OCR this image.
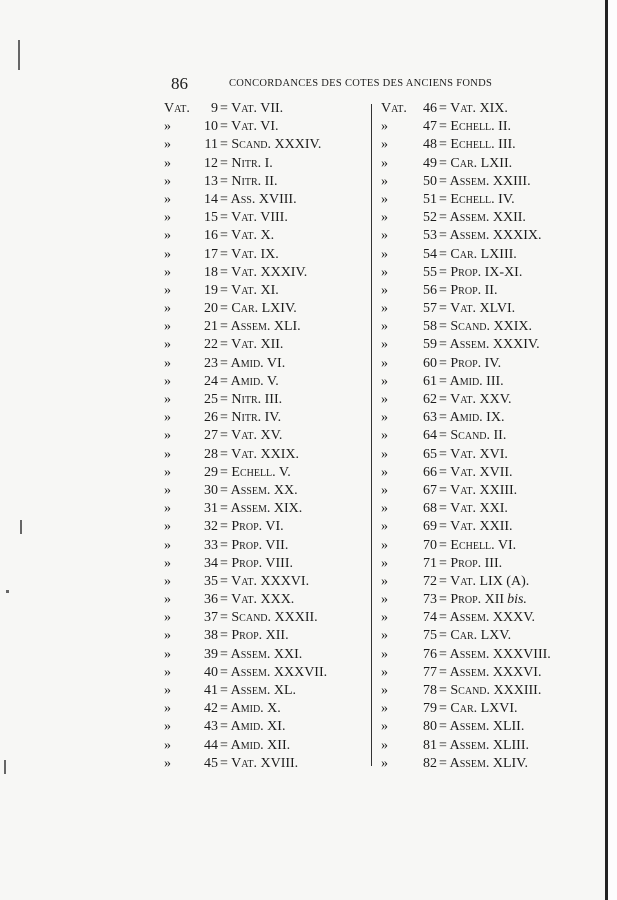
86	CONCORDANCES DES COTES DES ANCIENS FONDS
Vat. 9 = Vat. VII.
» 10 = Vat. VI.
» 11 = Scand. XXXIV.
» 12 = Nitr. I.
» 13 = Nitr. II.
» 14 = Ass. XVIII.
» 15 = Vat. VIII.
» 16 = Vat. X.
» 17 = Vat. IX.
» 18 = Vat. XXXIV.
» 19 = Vat. XI.
» 20 = Car. LXIV.
» 21 = Assem. XLI.
» 22 = Vat. XII.
» 23 = Amid. VI.
» 24 = Amid. V.
» 25 = Nitr. III.
» 26 = Nitr. IV.
» 27 = Vat. XV.
» 28 = Vat. XXIX.
» 29 = Echell. V.
» 30 = Assem. XX.
» 31 = Assem. XIX.
» 32 = Prop. VI.
» 33 = Prop. VII.
» 34 = Prop. VIII.
» 35 = Vat. XXXVI.
» 36 = Vat. XXX.
» 37 = Scand. XXXII.
» 38 = Prop. XII.
» 39 = Assem. XXI.
» 40 = Assem. XXXVII.
» 41 = Assem. XL.
» 42 = Amid. X.
» 43 = Amid. XI.
» 44 = Amid. XII.
» 45 = Vat. XVIII.
Vat. 46 = Vat. XIX.
»	47 = Echell. II.
»	48 = Echell. III.
»	49 = Car. LXII.
»	50 = Assem. XXIII.
»	51 = Echell. IV.
»	52 = Assem. XXII.
»	53 = Assem. XXXIX.
»	54 = Car. LXIII.
»	55 = Prop. IX-XI.
»	56 = Prop. II.
»	57 = Vat. XLVI.
»	58 = Scand. XXIX.
»	59 = Assem. XXXIV.
»	60 = Prop. IV.
»	61 = Amid. III.
»	62 = Vat. XXV.
»	63 = Amid. IX.
»	64 = Scand. II.
»	65 = Vat. XVI.
»	66 = Vat. XVII.
»	67 = Vat. XXIII.
»	68 = Vat. XXI.
»	69 = Vat. XXII.
»	70 = Echell. VI.
»	71 = Prop. III.
»	72 = Vat. LIX (A).
»	73 = Prop. XII bis.
»	74 = Assem. XXXV.
»	75 = Car. LXV.
»	76 = Assem. XXXVIII.
»	77 = Assem. XXXVI.
»	78 = Scand. XXXIII.
»	79 = Car. LXVI.
»	80 = Assem. XLII.
»	81 = Assem. XLIII.
»	82 = Assem. XLIV.
